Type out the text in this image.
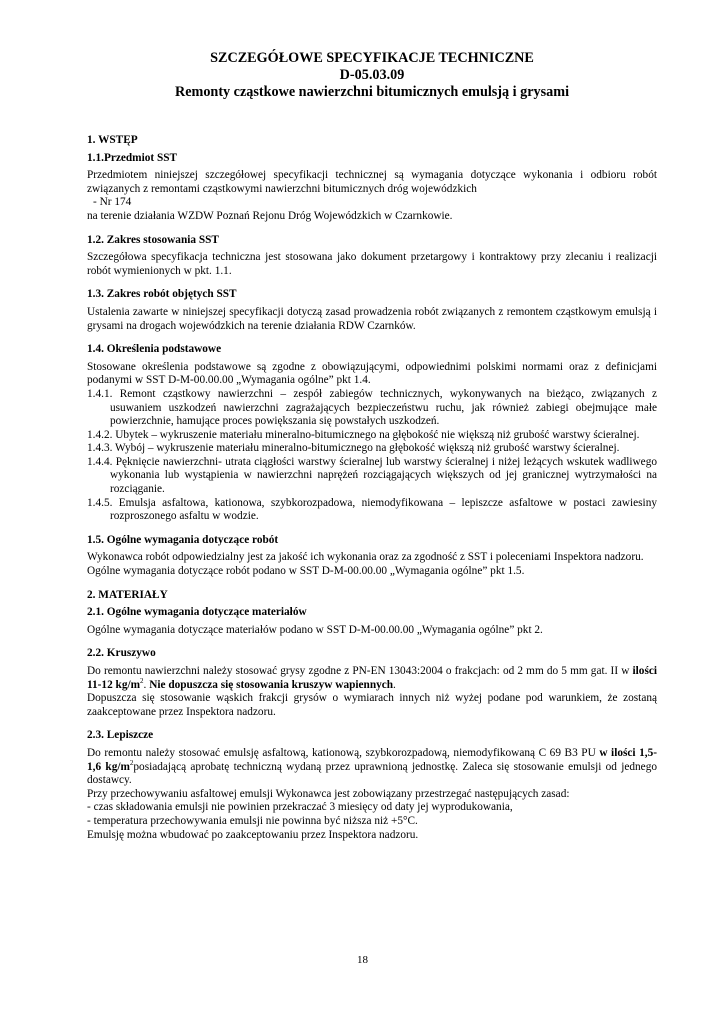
SZCZEGÓŁOWE SPECYFIKACJE TECHNICZNE
D-05.03.09
Remonty cząstkowe nawierzchni bitumicznych emulsją i grysami
1. WSTĘP
1.1.Przedmiot SST

Przedmiotem niniejszej szczegółowej specyfikacji technicznej są wymagania dotyczące wykonania i odbioru robót związanych z remontami cząstkowymi nawierzchni bitumicznych dróg wojewódzkich

- Nr 174

na terenie działania WZDW Poznań Rejonu Dróg Wojewódzkich w Czarnkowie.

1.2. Zakres stosowania SST

Szczegółowa specyfikacja techniczna jest stosowana jako dokument przetargowy i kontraktowy przy zlecaniu i realizacji robót wymienionych w pkt. 1.1.

1.3. Zakres robót objętych SST

Ustalenia zawarte w niniejszej specyfikacji dotyczą zasad prowadzenia robót związanych z remontem cząstkowym emulsją i grysami na drogach wojewódzkich na terenie działania RDW Czarnków.

1.4. Określenia podstawowe

Stosowane określenia podstawowe są zgodne z obowiązującymi, odpowiednimi polskimi normami oraz z definicjami podanymi w SST D-M-00.00.00 „Wymagania ogólne” pkt 1.4.

1.4.1. Remont cząstkowy nawierzchni – zespół zabiegów technicznych, wykonywanych na bieżąco, związanych z usuwaniem uszkodzeń nawierzchni zagrażających bezpieczeństwu ruchu, jak również zabiegi obejmujące małe powierzchnie, hamujące proces powiększania się powstałych uszkodzeń.
1.4.2. Ubytek – wykruszenie materiału mineralno-bitumicznego na głębokość nie większą niż grubość warstwy ścieralnej.
1.4.3. Wybój – wykruszenie materiału mineralno-bitumicznego na głębokość większą niż grubość warstwy ścieralnej.
1.4.4. Pęknięcie nawierzchni- utrata ciągłości warstwy ścieralnej lub warstwy ścieralnej i niżej leżących wskutek wadliwego wykonania lub wystąpienia w nawierzchni naprężeń rozciągających większych od jej granicznej wytrzymałości na rozciąganie.
1.4.5. Emulsja asfaltowa, kationowa, szybkorozpadowa, niemodyfikowana – lepiszcze asfaltowe w postaci zawiesiny rozproszonego asfaltu w wodzie.
1.5. Ogólne wymagania dotyczące robót

Wykonawca robót odpowiedzialny jest za jakość ich wykonania oraz za zgodność z SST i poleceniami Inspektora nadzoru.

Ogólne wymagania dotyczące robót podano w SST D-M-00.00.00 „Wymagania ogólne” pkt 1.5.

2. MATERIAŁY
2.1. Ogólne wymagania dotyczące materiałów

Ogólne wymagania dotyczące materiałów podano w SST D-M-00.00.00 „Wymagania ogólne” pkt 2.

2.2. Kruszywo

Do remontu nawierzchni należy stosować grysy zgodne z PN-EN 13043:2004 o frakcjach: od 2 mm do 5 mm gat. II w ilości 11-12 $kg/m^2$. Nie dopuszcza się stosowania kruszyw wapiennych.

Dopuszcza się stosowanie wąskich frakcji grysów o wymiarach innych niż wyżej podane pod warunkiem, że zostaną zaakceptowane przez Inspektora nadzoru.

2.3. Lepiszcze

Do remontu należy stosować emulsję asfaltową, kationową, szybkorozpadową, niemodyfikowaną C 69 B3 PU w ilości 1,5-1,6 $kg/m^2posiadającą$ aprobatę techniczną wydaną przez uprawnioną jednostkę. Zaleca się stosowanie emulsji od jednego dostawcy.

Przy przechowywaniu asfaltowej emulsji Wykonawca jest zobowiązany przestrzegać następujących zasad:

- czas składowania emulsji nie powinien przekraczać 3 miesięcy od daty jej wyprodukowania,

- temperatura przechowywania emulsji nie powinna być niższa niż +5°C.

Emulsję można wbudować po zaakceptowaniu przez Inspektora nadzoru.

18
